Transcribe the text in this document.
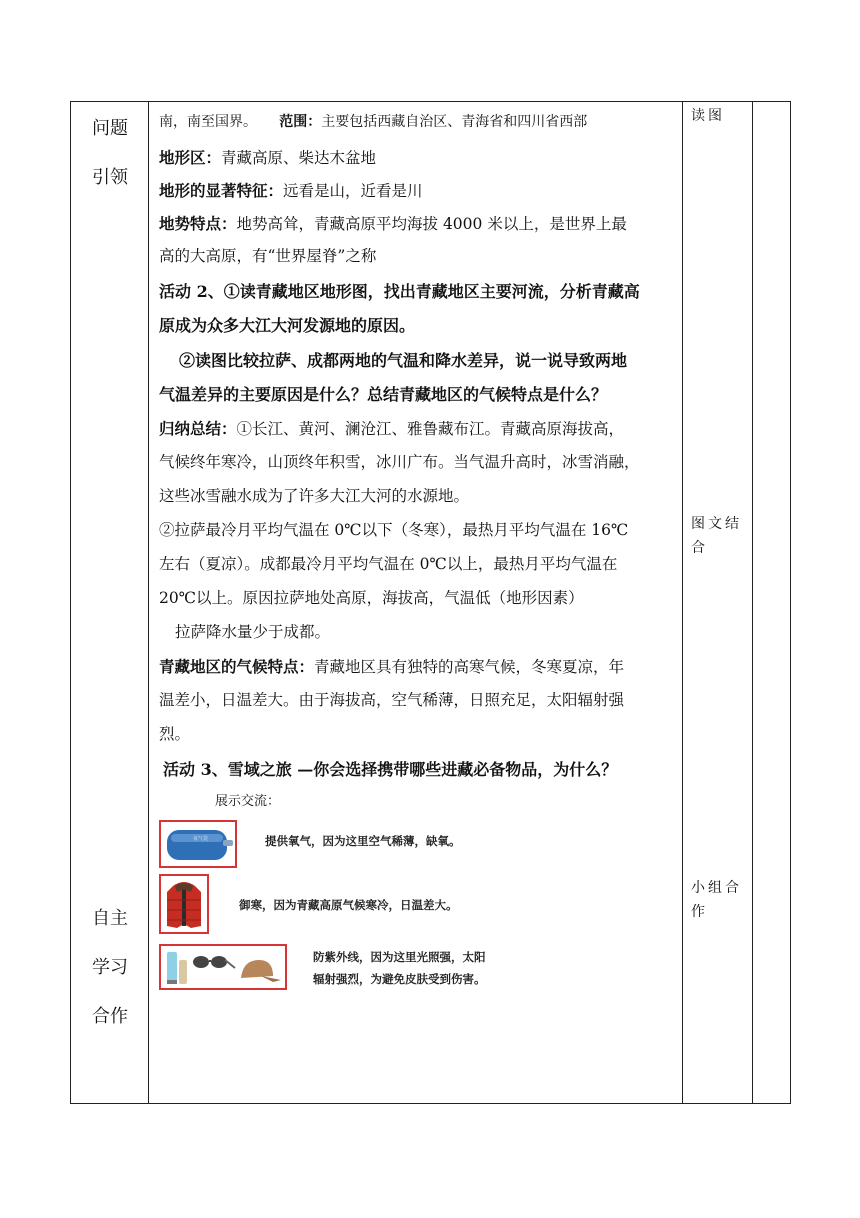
问题
引领
自主
学习
合作

南，南至国界。 范围：主要包括西藏自治区、青海省和四川省西部
地形区：青藏高原、柴达木盆地
地形的显著特征：远看是山，近看是川
地势特点：地势高耸，青藏高原平均海拔 4000 米以上，是世界上最
高的大高原，有“世界屋脊”之称
活动 2、①读青藏地区地形图，找出青藏地区主要河流，分析青藏高
原成为众多大江大河发源地的原因。
②读图比较拉萨、成都两地的气温和降水差异，说一说导致两地
气温差异的主要原因是什么？总结青藏地区的气候特点是什么？
归纳总结：①长江、黄河、澜沧江、雅鲁藏布江。青藏高原海拔高，
气候终年寒冷，山顶终年积雪，冰川广布。当气温升高时，冰雪消融，
这些冰雪融水成为了许多大江大河的水源地。
②拉萨最冷月平均气温在 0℃以下（冬寒），最热月平均气温在 16℃
左右（夏凉）。成都最冷月平均气温在 0℃以上，最热月平均气温在
20℃以上。原因拉萨地处高原，海拔高，气温低（地形因素）
拉萨降水量少于成都。
青藏地区的气候特点：青藏地区具有独特的高寒气候，冬寒夏凉，年
温差小，日温差大。由于海拔高，空气稀薄，日照充足，太阳辐射强
烈。
活动 3、雪域之旅 —你会选择携带哪些进藏必备物品，为什么？
展示交流：
氧气袋	提供氧气，因为这里空气稀薄，缺氧。
御寒，因为青藏高原气候寒冷，日温差大。
防紫外线，因为这里光照强，太阳
辐射强烈，为避免皮肤受到伤害。

读图
图文结合
小组合作
